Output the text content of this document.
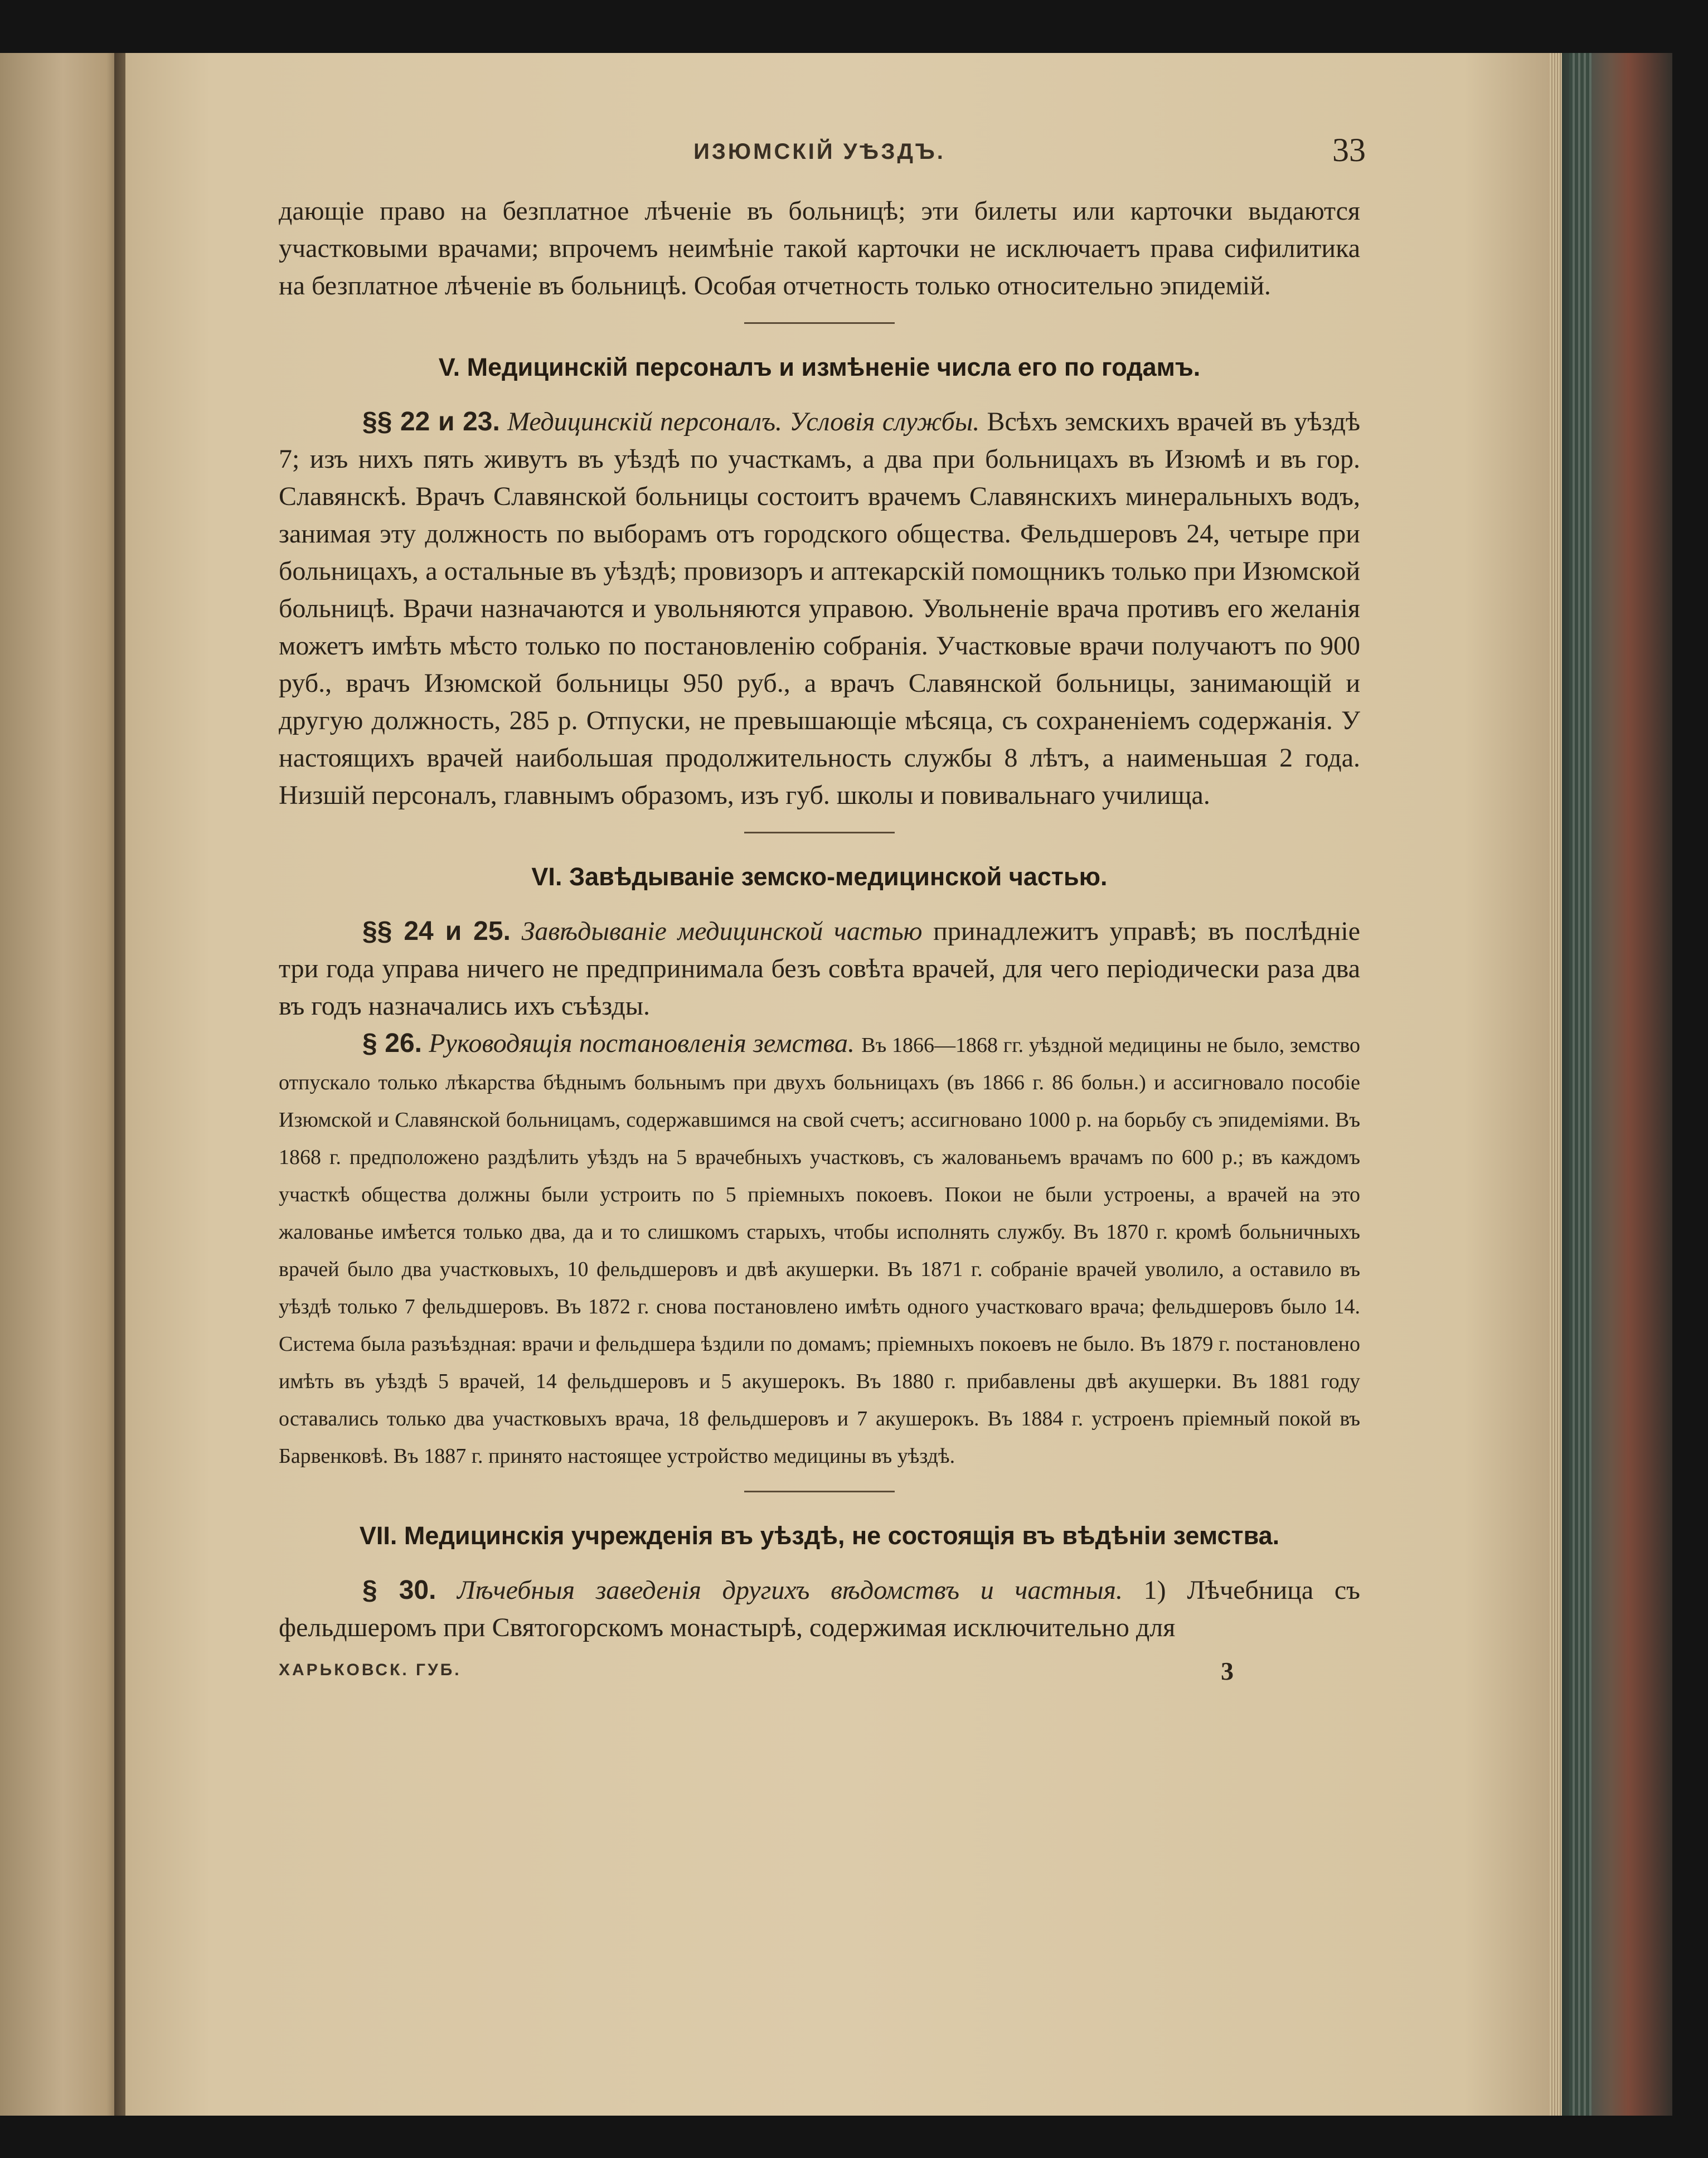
ИЗЮМСКІЙ УѢЗДЪ.	33

дающіе право на безплатное лѣченіе въ больницѣ; эти билеты или карточки выдаются участковыми врачами; впрочемъ неимѣніе такой карточки не исключаетъ права сифилитика на безплатное лѣченіе въ больницѣ. Особая отчетность только относительно эпидемій.

V. Медицинскій персоналъ и измѣненіе числа его по годамъ.

§§ 22 и 23. Медицинскій персоналъ. Условія службы. Всѣхъ земскихъ врачей въ уѣздѣ 7; изъ нихъ пять живутъ въ уѣздѣ по участкамъ, а два при больницахъ въ Изюмѣ и въ гор. Славянскѣ. Врачъ Славянской больницы состоитъ врачемъ Славянскихъ минеральныхъ водъ, занимая эту должность по выборамъ отъ городского общества. Фельдшеровъ 24, четыре при больницахъ, а остальные въ уѣздѣ; провизоръ и аптекарскій помощникъ только при Изюмской больницѣ. Врачи назначаются и увольняются управою. Увольненіе врача противъ его желанія можетъ имѣть мѣсто только по постановленію собранія. Участковые врачи получаютъ по 900 руб., врачъ Изюмской больницы 950 руб., а врачъ Славянской больницы, занимающій и другую должность, 285 р. Отпуски, не превышающіе мѣсяца, съ сохраненіемъ содержанія. У настоящихъ врачей наибольшая продолжительность службы 8 лѣтъ, а наименьшая 2 года. Низшій персоналъ, главнымъ образомъ, изъ губ. школы и повивальнаго училища.

VI. Завѣдываніе земско-медицинской частью.

§§ 24 и 25. Завѣдываніе медицинской частью принадлежитъ управѣ; въ послѣдніе три года управа ничего не предпринимала безъ совѣта врачей, для чего періодически раза два въ годъ назначались ихъ съѣзды.

§ 26. Руководящія постановленія земства. Въ 1866—1868 гг. уѣздной медицины не было, земство отпускало только лѣкарства бѣднымъ больнымъ при двухъ больницахъ (въ 1866 г. 86 больн.) и ассигновало пособіе Изюмской и Славянской больницамъ, содержавшимся на свой счетъ; ассигновано 1000 р. на борьбу съ эпидеміями. Въ 1868 г. предположено раздѣлить уѣздъ на 5 врачебныхъ участковъ, съ жалованьемъ врачамъ по 600 р.; въ каждомъ участкѣ общества должны были устроить по 5 пріемныхъ покоевъ. Покои не были устроены, а врачей на это жалованье имѣется только два, да и то слишкомъ старыхъ, чтобы исполнять службу. Въ 1870 г. кромѣ больничныхъ врачей было два участковыхъ, 10 фельдшеровъ и двѣ акушерки. Въ 1871 г. собраніе врачей уволило, а оставило въ уѣздѣ только 7 фельдшеровъ. Въ 1872 г. снова постановлено имѣть одного участковаго врача; фельдшеровъ было 14. Система была разъѣздная: врачи и фельдшера ѣздили по домамъ; пріемныхъ покоевъ не было. Въ 1879 г. постановлено имѣть въ уѣздѣ 5 врачей, 14 фельдшеровъ и 5 акушерокъ. Въ 1880 г. прибавлены двѣ акушерки. Въ 1881 году оставались только два участковыхъ врача, 18 фельдшеровъ и 7 акушерокъ. Въ 1884 г. устроенъ пріемный покой въ Барвенковѣ. Въ 1887 г. принято настоящее устройство медицины въ уѣздѣ.

VII. Медицинскія учрежденія въ уѣздѣ, не состоящія въ вѣдѣніи земства.

§ 30. Лѣчебныя заведенія другихъ вѣдомствъ и частныя. 1) Лѣчебница съ фельдшеромъ при Святогорскомъ монастырѣ, содержимая исключительно для

ХАРЬКОВСК. ГУБ.	3
